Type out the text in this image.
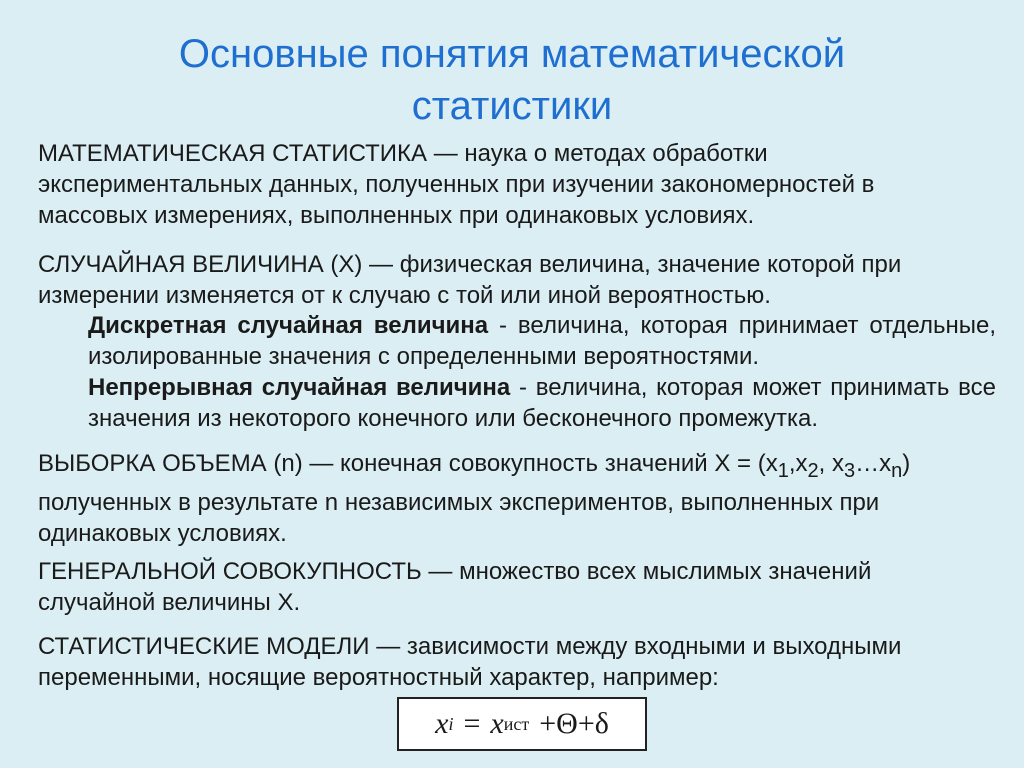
Основные понятия математической
статистики
МАТЕМАТИЧЕСКАЯ СТАТИСТИКА — наука о методах обработки
экспериментальных данных, полученных при изучении закономерностей в
массовых измерениях, выполненных при одинаковых условиях.
СЛУЧАЙНАЯ ВЕЛИЧИНА (Х) — физическая величина, значение которой при
измерении изменяется от к случаю с той или иной вероятностью.

Дискретная случайная величина - величина, которая принимает отдельные, изолированные значения с определенными вероятностями.

Непрерывная случайная величина - величина, которая может принимать все значения из некоторого конечного или бесконечного промежутка.

ВЫБОРКА ОБЪЕМА (n) — конечная совокупность значений $Х = (х_1,х_2$, $х_3\dots х_n$)
полученных в результате n независимых экспериментов, выполненных при
одинаковых условиях.
ГЕНЕРАЛЬНОЙ СОВОКУПНОСТЬ — множество всех мыслимых значений
случайной величины Х.
СТАТИСТИЧЕСКИЕ МОДЕЛИ — зависимости между входными и выходными
переменными, носящие вероятностный характер, например:
x i = x ист + Θ + δ
